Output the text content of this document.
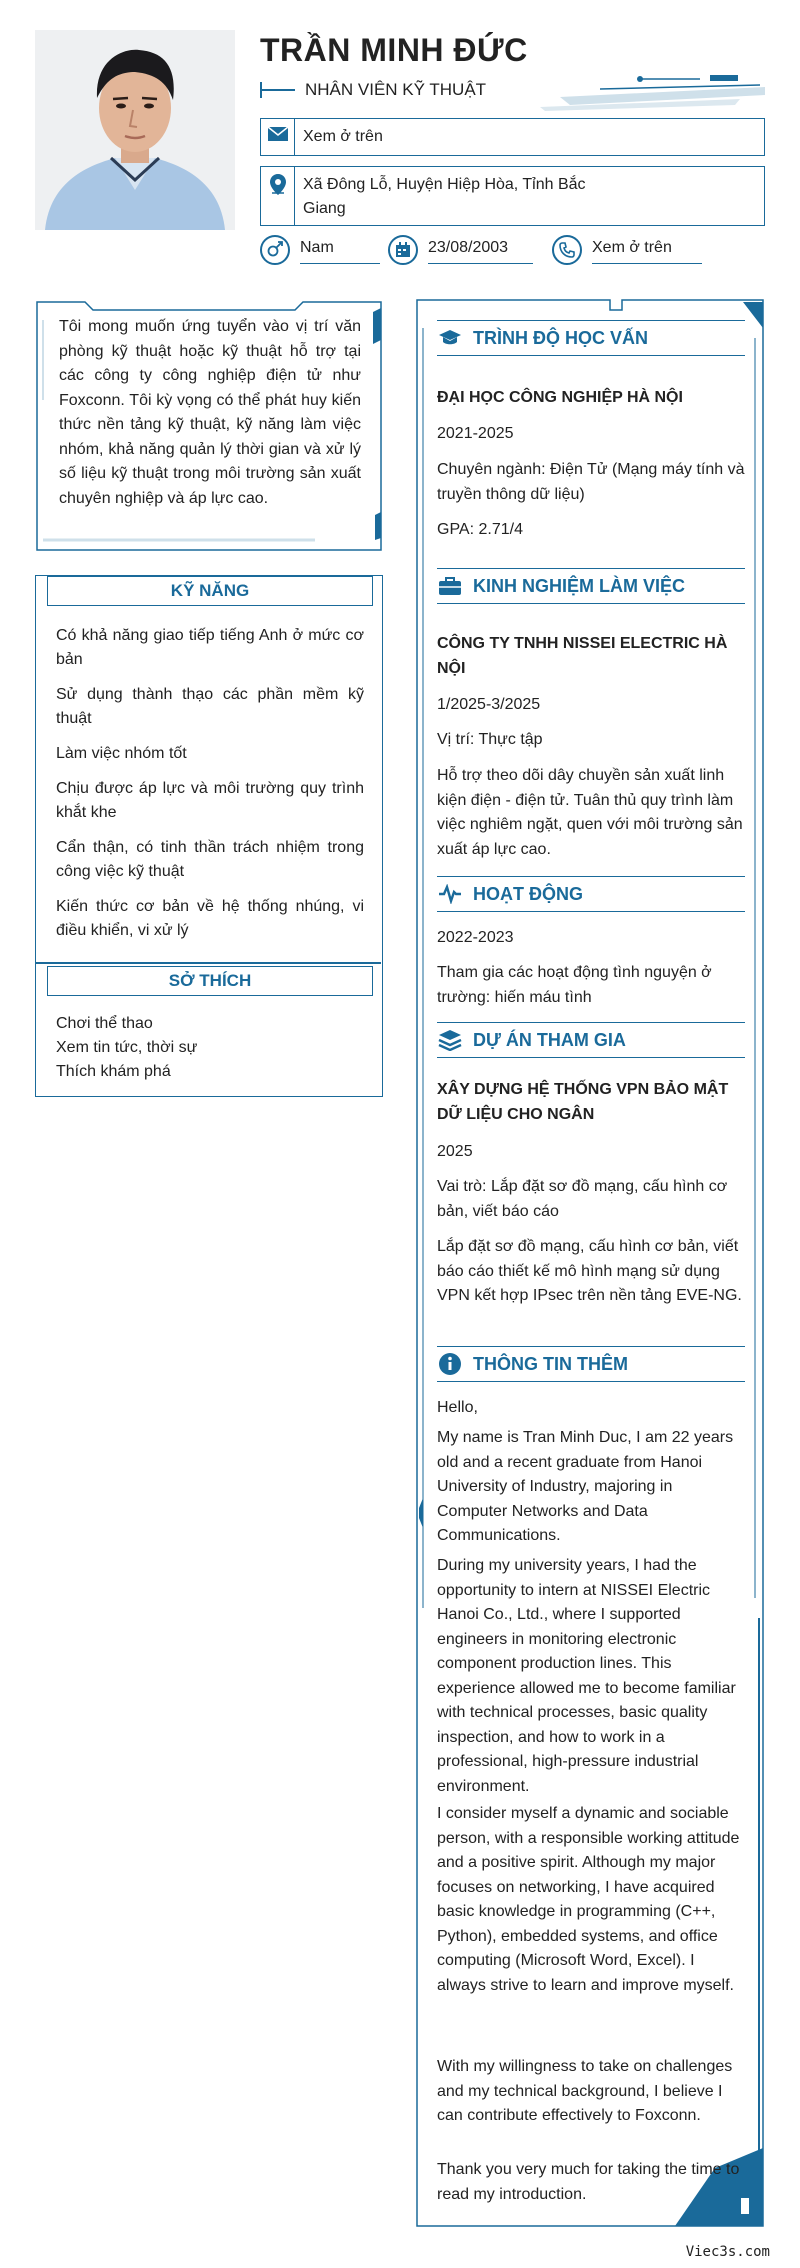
TRẦN MINH ĐỨC
NHÂN VIÊN KỸ THUẬT
Xem ở trên
Xã Đông Lỗ, Huyện Hiệp Hòa, Tỉnh Bắc Giang
Nam	23/08/2003	Xem ở trên
Tôi mong muốn ứng tuyển vào vị trí văn phòng kỹ thuật hoặc kỹ thuật hỗ trợ tại các công ty công nghiệp điện tử như Foxconn. Tôi kỳ vọng có thể phát huy kiến thức nền tảng kỹ thuật, kỹ năng làm việc nhóm, khả năng quản lý thời gian và xử lý số liệu kỹ thuật trong môi trường sản xuất chuyên nghiệp và áp lực cao.
KỸ NĂNG
Có khả năng giao tiếp tiếng Anh ở mức cơ bản
Sử dụng thành thạo các phần mềm kỹ thuật
Làm việc nhóm tốt
Chịu được áp lực và môi trường quy trình khắt khe
Cẩn thận, có tinh thần trách nhiệm trong công việc kỹ thuật
Kiến thức cơ bản về hệ thống nhúng, vi điều khiển, vi xử lý
SỞ THÍCH
Chơi thể thao
Xem tin tức, thời sự
Thích khám phá
TRÌNH ĐỘ HỌC VẤN
ĐẠI HỌC CÔNG NGHIỆP HÀ NỘI
2021-2025
Chuyên ngành: Điện Tử (Mạng máy tính và truyền thông dữ liệu)
GPA: 2.71/4
KINH NGHIỆM LÀM VIỆC
CÔNG TY TNHH NISSEI ELECTRIC HÀ NỘI
1/2025-3/2025
Vị trí: Thực tập
Hỗ trợ theo dõi dây chuyền sản xuất linh kiện điện - điện tử. Tuân thủ quy trình làm việc nghiêm ngặt, quen với môi trường sản xuất áp lực cao.
HOẠT ĐỘNG
2022-2023
Tham gia các hoạt động tình nguyện ở trường: hiến máu tình
DỰ ÁN THAM GIA
XÂY DỰNG HỆ THỐNG VPN BẢO MẬT DỮ LIỆU CHO NGÂN
2025
Vai trò: Lắp đặt sơ đồ mạng, cấu hình cơ bản, viết báo cáo
Lắp đặt sơ đồ mạng, cấu hình cơ bản, viết báo cáo thiết kế mô hình mạng sử dụng VPN kết hợp IPsec trên nền tảng EVE-NG.
THÔNG TIN THÊM
Hello,
My name is Tran Minh Duc, I am 22 years old and a recent graduate from Hanoi University of Industry, majoring in Computer Networks and Data Communications.
During my university years, I had the opportunity to intern at NISSEI Electric Hanoi Co., Ltd., where I supported engineers in monitoring electronic component production lines. This experience allowed me to become familiar with technical processes, basic quality inspection, and how to work in a professional, high-pressure industrial environment.
I consider myself a dynamic and sociable person, with a responsible working attitude and a positive spirit. Although my major focuses on networking, I have acquired basic knowledge in programming (C++, Python), embedded systems, and office computing (Microsoft Word, Excel). I always strive to learn and improve myself.
With my willingness to take on challenges and my technical background, I believe I can contribute effectively to Foxconn.
Thank you very much for taking the time to read my introduction.
Viec3s.com
